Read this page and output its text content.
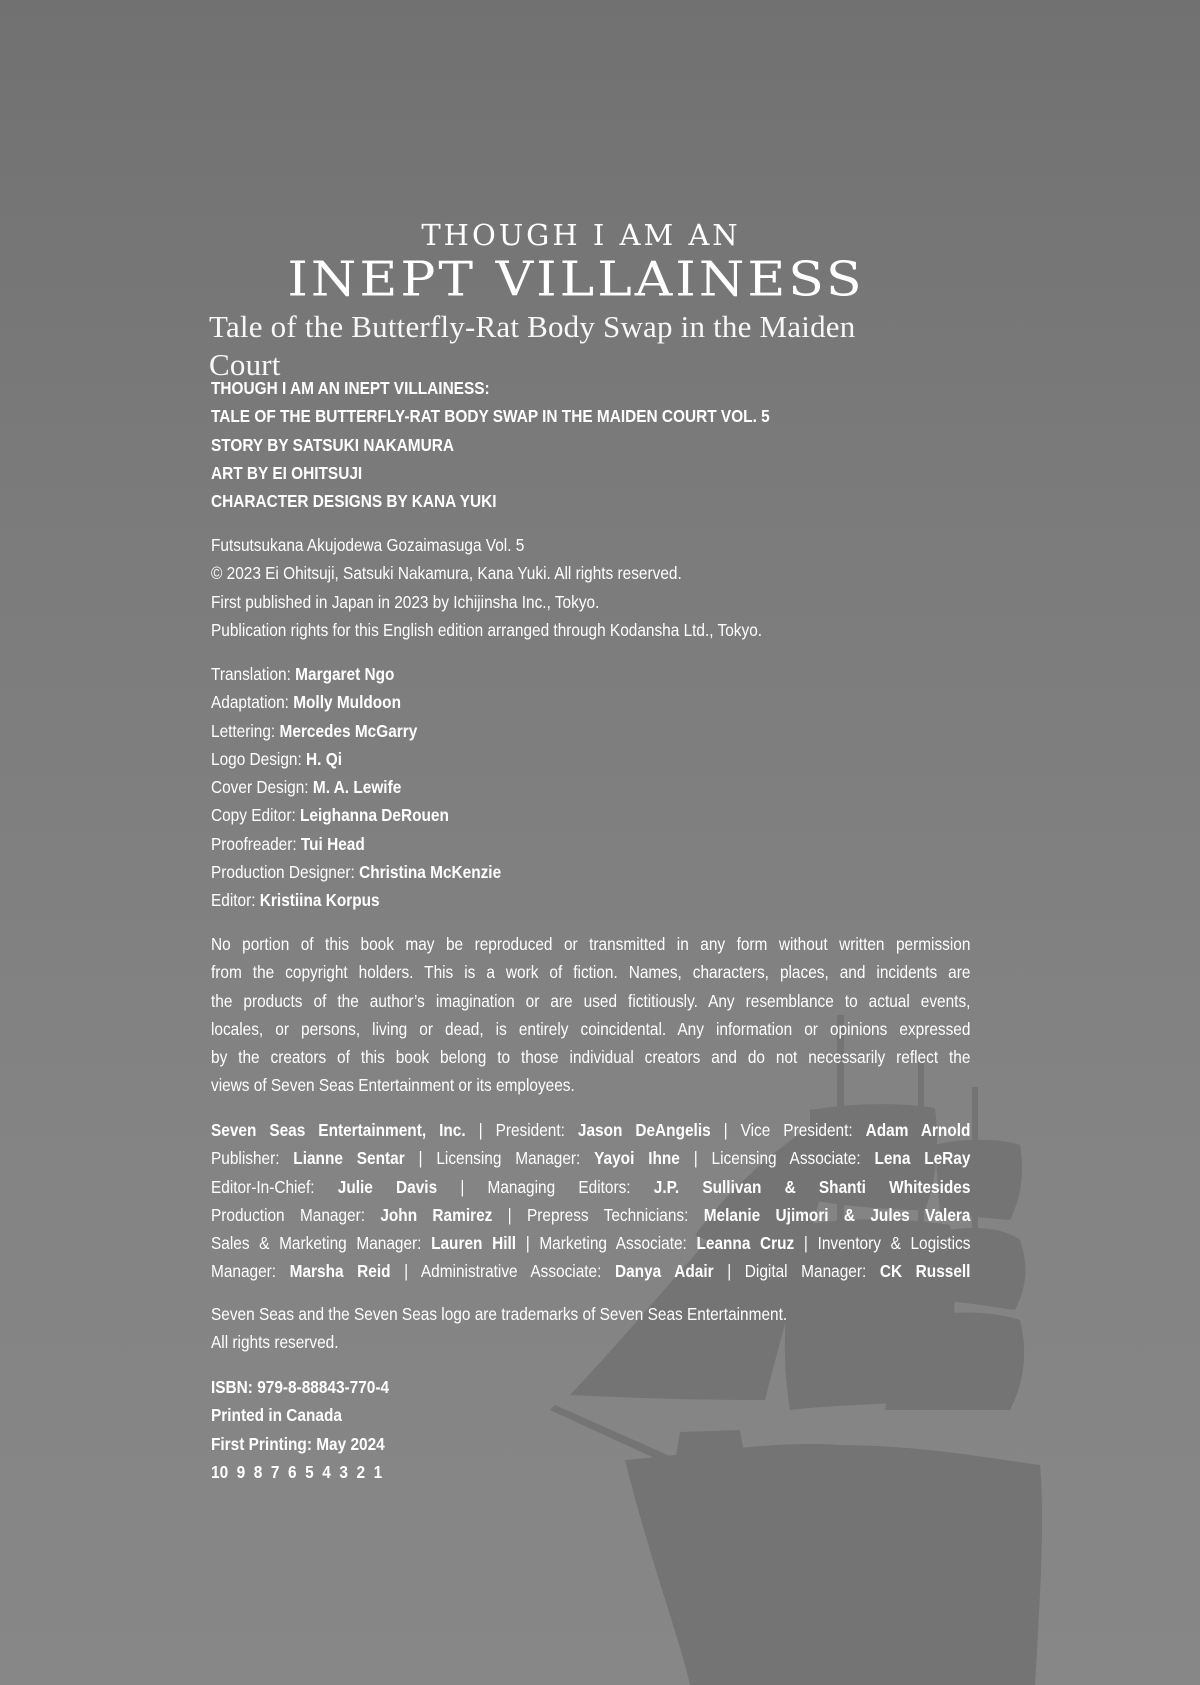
THOUGH I AM AN
INEPT VILLAINESS
Tale of the Butterfly-Rat Body Swap in the Maiden Court
THOUGH I AM AN INEPT VILLAINESS:
TALE OF THE BUTTERFLY-RAT BODY SWAP IN THE MAIDEN COURT VOL. 5
STORY BY SATSUKI NAKAMURA
ART BY EI OHITSUJI
CHARACTER DESIGNS BY KANA YUKI
Futsutsukana Akujodewa Gozaimasuga Vol. 5
© 2023 Ei Ohitsuji, Satsuki Nakamura, Kana Yuki. All rights reserved.
First published in Japan in 2023 by Ichijinsha Inc., Tokyo.
Publication rights for this English edition arranged through Kodansha Ltd., Tokyo.
Translation: Margaret Ngo
Adaptation: Molly Muldoon
Lettering: Mercedes McGarry
Logo Design: H. Qi
Cover Design: M. A. Lewife
Copy Editor: Leighanna DeRouen
Proofreader: Tui Head
Production Designer: Christina McKenzie
Editor: Kristiina Korpus
No portion of this book may be reproduced or transmitted in any form without written permission
from the copyright holders. This is a work of fiction. Names, characters, places, and incidents are
the products of the author’s imagination or are used fictitiously. Any resemblance to actual events,
locales, or persons, living or dead, is entirely coincidental. Any information or opinions expressed
by the creators of this book belong to those individual creators and do not necessarily reflect the
views of Seven Seas Entertainment or its employees.
Seven Seas Entertainment, Inc. | President: Jason DeAngelis | Vice President: Adam Arnold
Publisher: Lianne Sentar | Licensing Manager: Yayoi Ihne | Licensing Associate: Lena LeRay
Editor-In-Chief: Julie Davis | Managing Editors: J.P. Sullivan & Shanti Whitesides
Production Manager: John Ramirez | Prepress Technicians: Melanie Ujimori & Jules Valera
Sales & Marketing Manager: Lauren Hill | Marketing Associate: Leanna Cruz | Inventory & Logistics
Manager: Marsha Reid | Administrative Associate: Danya Adair | Digital Manager: CK Russell
Seven Seas and the Seven Seas logo are trademarks of Seven Seas Entertainment.
All rights reserved.
ISBN: 979-8-88843-770-4
Printed in Canada
First Printing: May 2024
10  9  8  7  6  5  4  3  2  1
